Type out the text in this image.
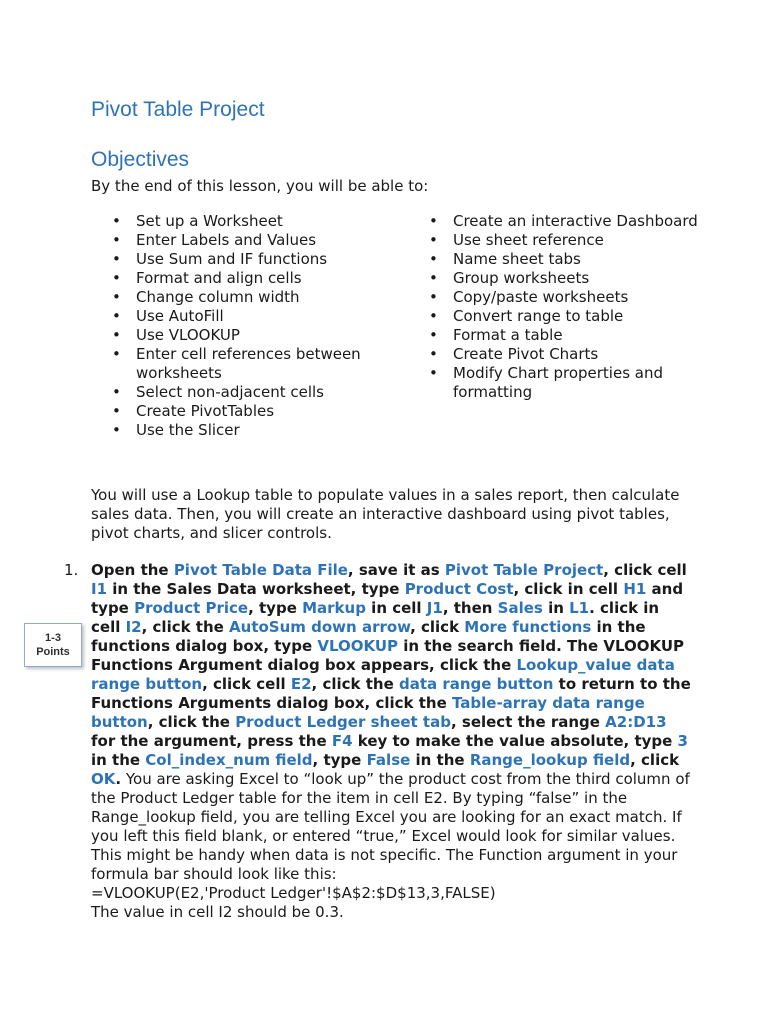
Pivot Table Project
Objectives

By the end of this lesson, you will be able to:

• Set up a Worksheet
• Enter Labels and Values
• Use Sum and IF functions
• Format and align cells
• Change column width
• Use AutoFill
• Use VLOOKUP
• Enter cell references between worksheets
• Select non-adjacent cells
• Create PivotTables
• Use the Slicer
• Create an interactive Dashboard
• Use sheet reference
• Name sheet tabs
• Group worksheets
• Copy/paste worksheets
• Convert range to table
• Format a table
• Create Pivot Charts
• Modify Chart properties and formatting

You will use a Lookup table to populate values in a sales report, then calculate sales data. Then, you will create an interactive dashboard using pivot tables, pivot charts, and slicer controls.

1-3
Points
1. Open the Pivot Table Data File, save it as Pivot Table Project, click cell I1 in the Sales Data worksheet, type Product Cost, click in cell H1 and type Product Price, type Markup in cell J1, then Sales in L1. click in cell I2, click the AutoSum down arrow, click More functions in the functions dialog box, type VLOOKUP in the search field. The VLOOKUP Functions Argument dialog box appears, click the Lookup_value data range button, click cell E2, click the data range button to return to the Functions Arguments dialog box, click the Table-array data range button, click the Product Ledger sheet tab, select the range A2:D13 for the argument, press the F4 key to make the value absolute, type 3 in the Col_index_num field, type False in the Range_lookup field, click OK. You are asking Excel to “look up” the product cost from the third column of the Product Ledger table for the item in cell E2. By typing “false” in the Range_lookup field, you are telling Excel you are looking for an exact match. If you left this field blank, or entered “true,” Excel would look for similar values. This might be handy when data is not specific. The Function argument in your formula bar should look like this:
=VLOOKUP(E2,'Product Ledger'!$A$2:$D$13,3,FALSE)
The value in cell I2 should be 0.3.
